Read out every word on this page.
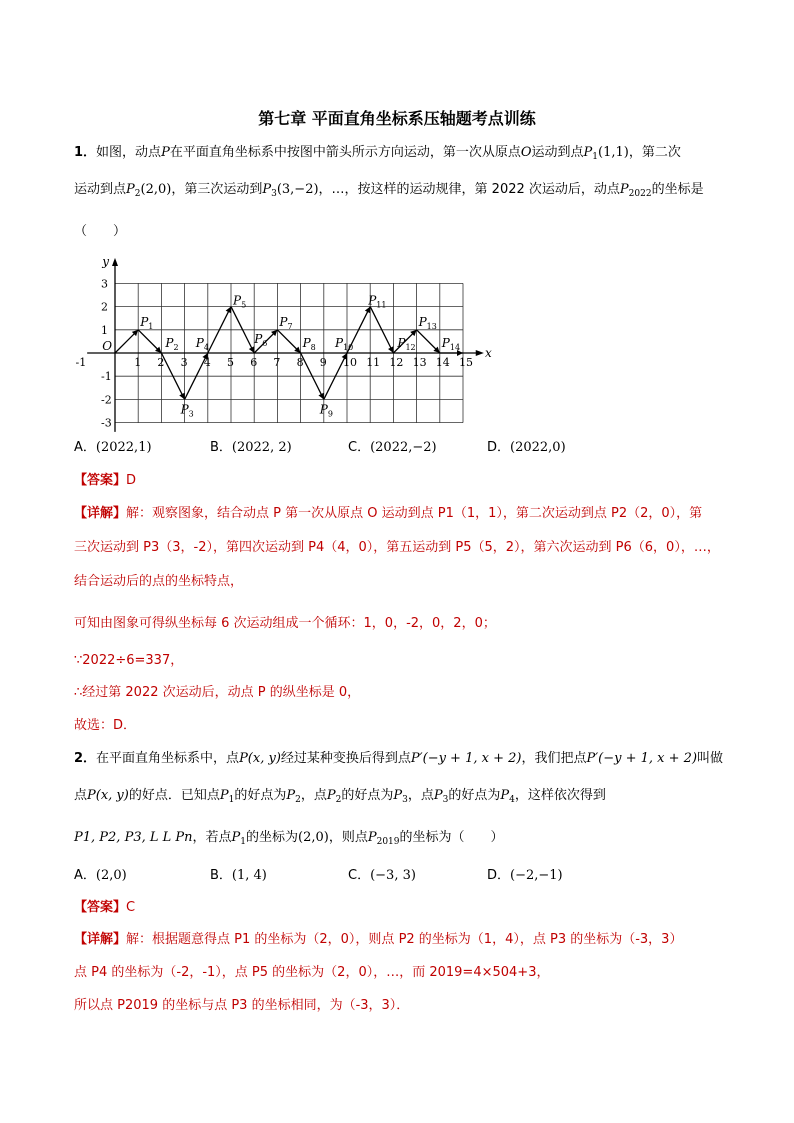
第七章 平面直角坐标系压轴题考点训练
1．如图，动点P在平面直角坐标系中按图中箭头所示方向运动，第一次从原点O运动到点$P_1(1,1)$，第二次
运动到点$P_2(2,0)$，第三次运动到$P_3(3,-2)$，…，按这样的运动规律，第 2022 次运动后，动点$P_{2022}$的坐标是
（　　）
x
y
O
-1	1 2 3 4 5 6 7 8 9 10 11 12 13 14 15
3
2
1
-1
-2
-3
$P_1$
$P_2$
$P_3$
$P_4$
$P_5$
$P_6$
$P_7$
$P_8$
$P_9$
$P_{10}$
$P_{11}$
$P_{12}$
$P_{13}$
$P_{14}$
A．(2022,1)	B．(2022, 2)	C．(2022,−2)	D．(2022,0)
【答案】D
【详解】解：观察图象，结合动点 P 第一次从原点 O 运动到点 P1（1，1），第二次运动到点 P2（2，0），第
三次运动到 P3（3，-2），第四次运动到 P4（4，0），第五运动到 P5（5，2），第六次运动到 P6（6，0），…，
结合运动后的点的坐标特点，
可知由图象可得纵坐标每 6 次运动组成一个循环：1，0，-2，0，2，0；
∵2022÷6=337，
∴经过第 2022 次运动后，动点 P 的纵坐标是 0，
故选：D．
2．在平面直角坐标系中，点P(x, y)经过某种变换后得到点P′(−y + 1, x + 2)，我们把点P′(−y + 1, x + 2)叫做
点P(x, y)的好点．已知点$P_1$的好点为$P_2$，点$P_2$的好点为$P_3$，点$P_3$的好点为$P_4$，这样依次得到
P1, P2, P3, L L Pn，若点$P_1$的坐标为(2,0)，则点$P_{2019}$的坐标为（　　）
A．(2,0)	B．(1, 4)	C．(−3, 3)	D．(−2,−1)
【答案】C
【详解】解：根据题意得点 P1 的坐标为（2，0），则点 P2 的坐标为（1，4），点 P3 的坐标为（-3，3）
点 P4 的坐标为（-2，-1），点 P5 的坐标为（2，0），…，而 2019=4×504+3，
所以点 P2019 的坐标与点 P3 的坐标相同，为（-3，3）．
